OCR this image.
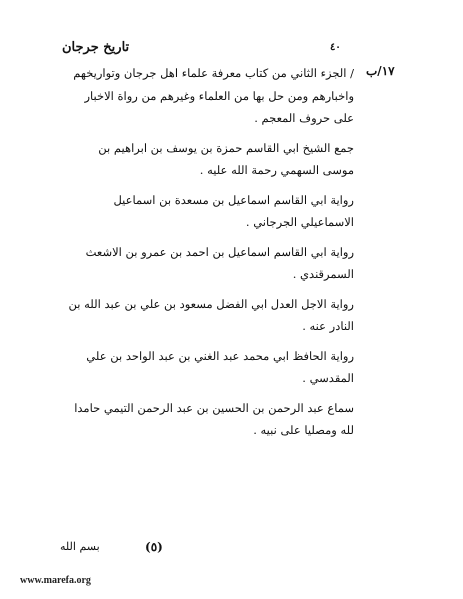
تاريخ جرجان	٤٠
١٧/ب

/ الجزء الثاني من كتاب معرفة علماء اهل جرجان وتواريخهم واخبارهم ومن حل بها من العلماء وغيرهم من رواة الاخبار على حروف المعجم .

جمع الشيخ ابي القاسم حمزة بن يوسف بن ابراهيم بن موسى السهمي رحمة الله عليه .

رواية ابي القاسم اسماعيل بن مسعدة بن اسماعيل الاسماعيلي الجرجاني .

رواية ابي القاسم اسماعيل بن احمد بن عمرو بن الاشعث السمرقندي .

رواية الاجل العدل ابي الفضل مسعود بن علي بن عبد الله بن النادر عنه .

رواية الحافظ ابي محمد عبد الغني بن عبد الواحد بن علي المقدسي .

سماع عبد الرحمن بن الحسين بن عبد الرحمن التيمي حامدا لله ومصليا على نبيه .

(٥)
بسم الله
www.marefa.org
